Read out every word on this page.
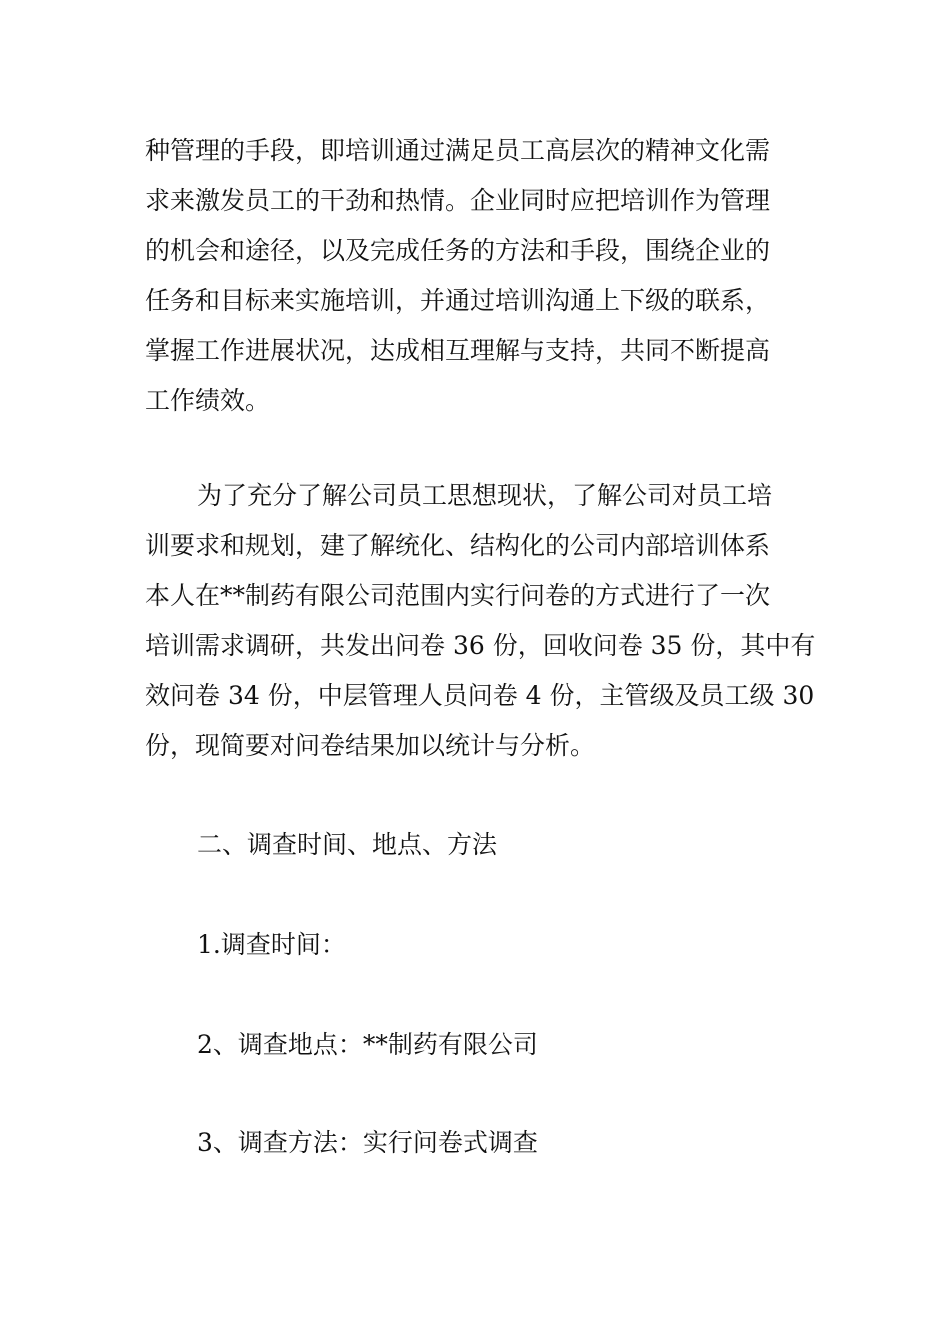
种管理的手段，即培训通过满足员工高层次的精神文化需
求来激发员工的干劲和热情。企业同时应把培训作为管理
的机会和途径，以及完成任务的方法和手段，围绕企业的
任务和目标来实施培训，并通过培训沟通上下级的联系，
掌握工作进展状况，达成相互理解与支持，共同不断提高
工作绩效。
为了充分了解公司员工思想现状，了解公司对员工培
训要求和规划，建了解统化、结构化的公司内部培训体系
本人在**制药有限公司范围内实行问卷的方式进行了一次
培训需求调研，共发出问卷 36 份，回收问卷 35 份，其中有
效问卷 34 份，中层管理人员问卷 4 份，主管级及员工级 30
份，现简要对问卷结果加以统计与分析。

二、调查时间、地点、方法

1.调查时间：

2、调查地点：**制药有限公司

3、调查方法：实行问卷式调查
